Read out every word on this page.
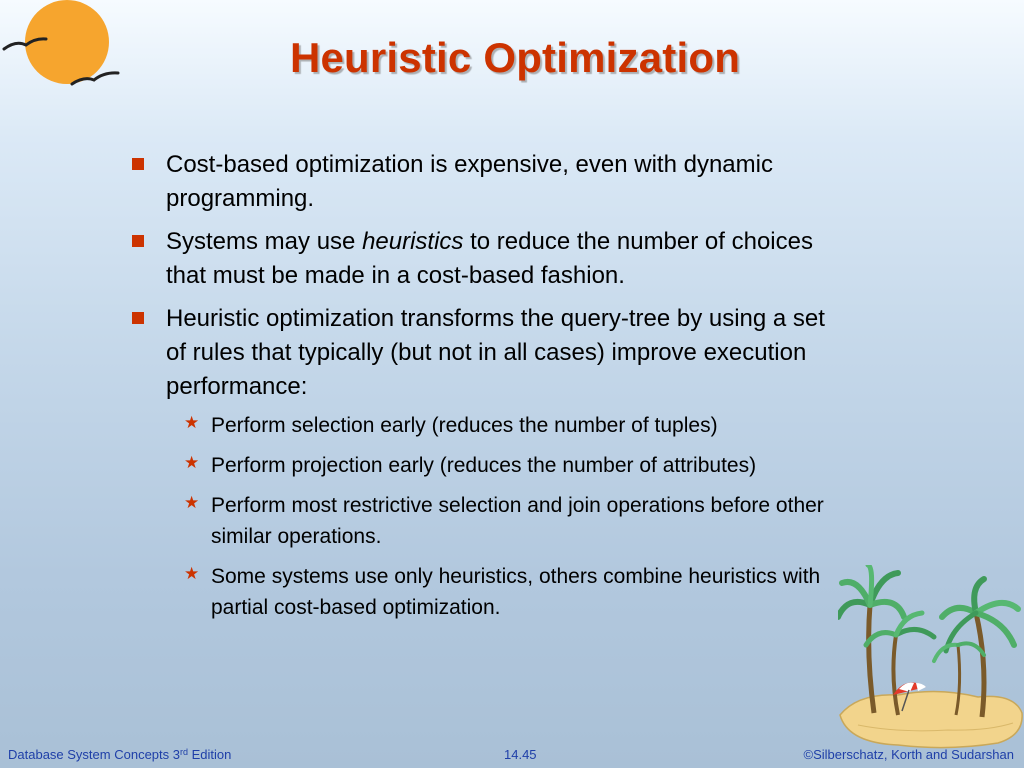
Heuristic Optimization
Cost-based optimization is expensive, even with dynamic programming.
Systems may use heuristics to reduce the number of choices that must be made in a cost-based fashion.
Heuristic optimization transforms the query-tree by using a set of rules that typically (but not in all cases) improve execution performance:
★ Perform selection early (reduces the number of tuples)
★ Perform projection early (reduces the number of attributes)
★ Perform most restrictive selection and join operations before other similar operations.
★ Some systems use only heuristics, others combine heuristics with partial cost-based optimization.
Database System Concepts 3rd Edition	14.45	©Silberschatz, Korth and Sudarshan
